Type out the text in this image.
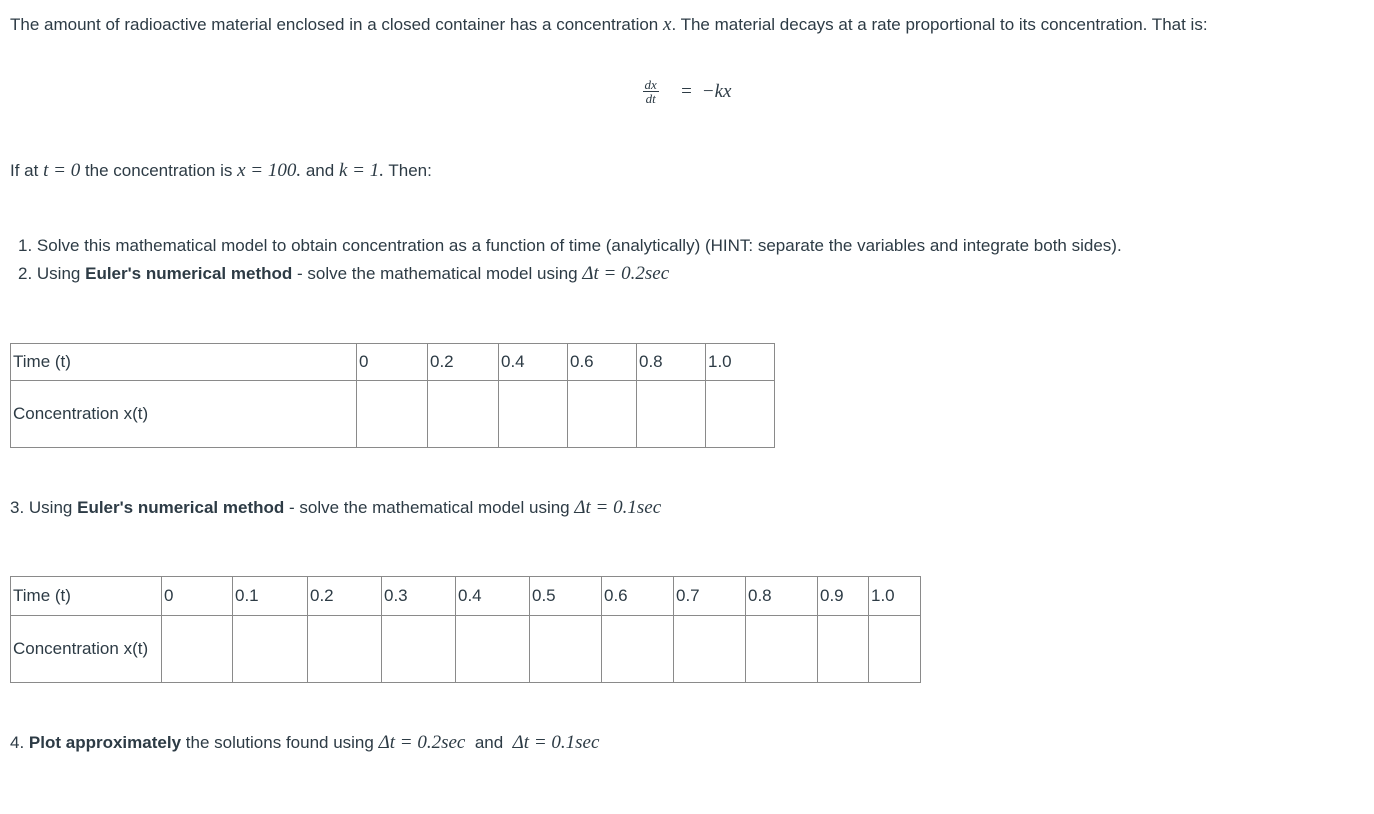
The amount of radioactive material enclosed in a closed container has a concentration x. The material decays at a rate proportional to its concentration. That is:
$\frac{dx}{dt} = -kx$
If at t = 0 the concentration is x = 100. and k = 1. Then:
1. Solve this mathematical model to obtain concentration as a function of time (analytically) (HINT: separate the variables and integrate both sides).
2. Using Euler's numerical method - solve the mathematical model using Δt = 0.2sec
Time (t)	0	0.2	0.4	0.6	0.8	1.0
Concentration x(t)						
3. Using Euler's numerical method - solve the mathematical model using Δt = 0.1sec
Time (t)	0	0.1	0.2	0.3	0.4	0.5	0.6	0.7	0.8	0.9	1.0
Concentration x(t)											
4. Plot approximately the solutions found using Δt = 0.2sec and Δt = 0.1sec
